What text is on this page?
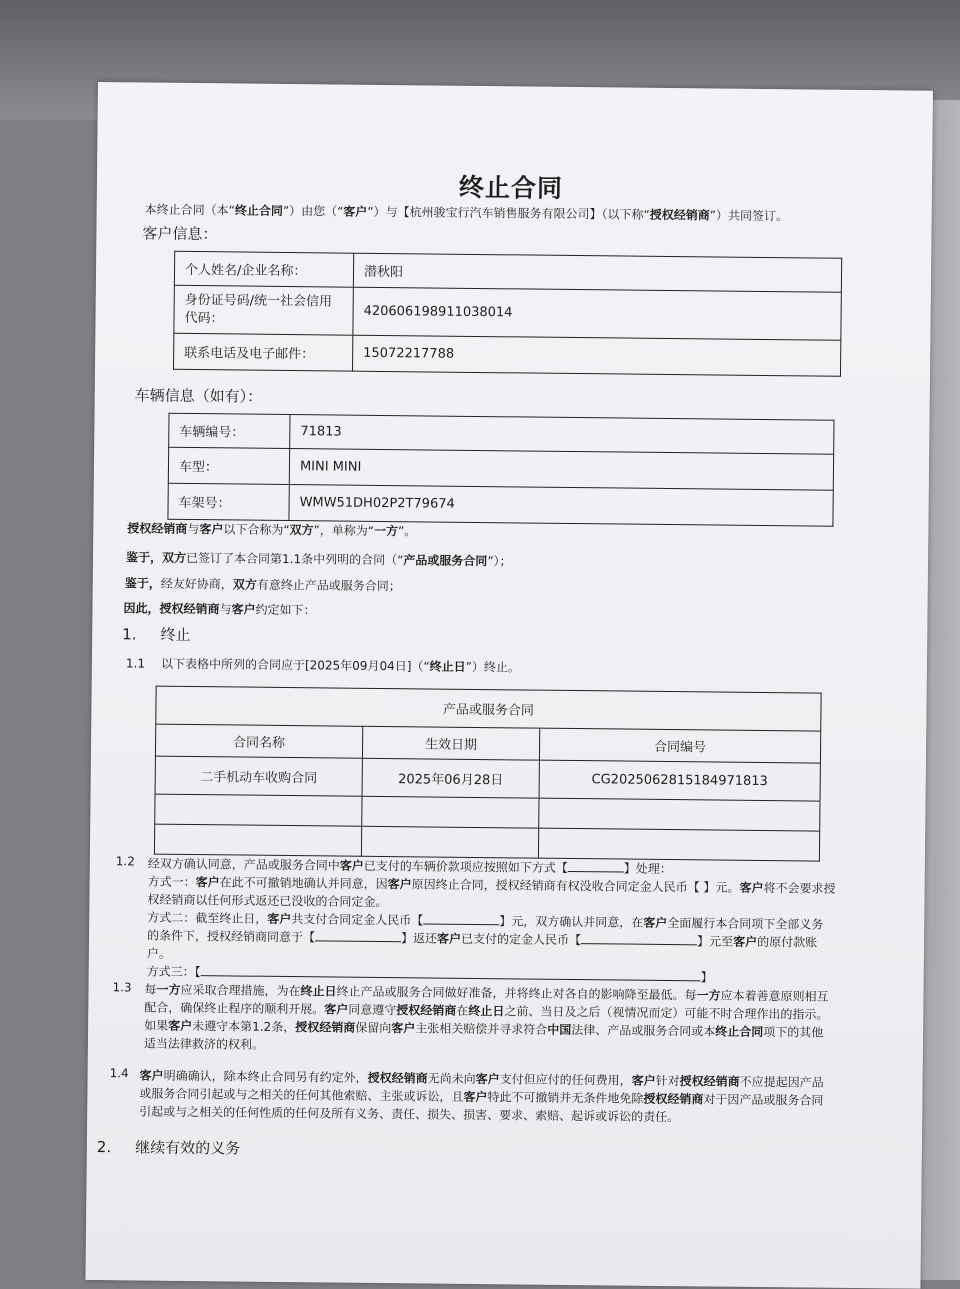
终止合同
本终止合同（本“终止合同”）由您（“客户”）与【杭州骏宝行汽车销售服务有限公司】（以下称“授权经销商”）共同签订。
客户信息：
个人姓名/企业名称：	潜秋阳
身份证号码/统一社会信用代码：	420606198911038014
联系电话及电子邮件：	15072217788
车辆信息（如有）：
车辆编号：	71813
车型：	MINI MINI
车架号：	WMW51DH02P2T79674
授权经销商与客户以下合称为“双方”，单称为“一方”。
鉴于，双方已签订了本合同第1.1条中列明的合同（“产品或服务合同”）；
鉴于，经友好协商，双方有意终止产品或服务合同；
因此，授权经销商与客户约定如下：
1. 终止
1.1 以下表格中所列的合同应于[2025年09月04日]（“终止日”）终止。
产品或服务合同		
合同名称	生效日期	合同编号
二手机动车收购合同	2025年06月28日	CG2025062815184971813

1.2 经双方确认同意，产品或服务合同中客户已支付的车辆价款项应按照如下方式【	】处理：
方式一：客户在此不可撤销地确认并同意，因客户原因终止合同，授权经销商有权没收合同定金人民币【 】元。客户将不会要求授
权经销商以任何形式返还已没收的合同定金。
方式二：截至终止日，客户共支付合同定金人民币【	】元，双方确认并同意，在客户全面履行本合同项下全部义务
的条件下，授权经销商同意于【	】返还客户已支付的定金人民币【	】元至客户的原付款账
户。
方式三：【	】
1.3 每一方应采取合理措施，为在终止日终止产品或服务合同做好准备，并将终止对各自的影响降至最低。每一方应本着善意原则相互
配合，确保终止程序的顺利开展。客户同意遵守授权经销商在终止日之前、当日及之后（视情况而定）可能不时合理作出的指示。
如果客户未遵守本第1.2条，授权经销商保留向客户主张相关赔偿并寻求符合中国法律、产品或服务合同或本终止合同项下的其他
适当法律救济的权利。
1.4 客户明确确认，除本终止合同另有约定外，授权经销商无尚未向客户支付但应付的任何费用，客户针对授权经销商不应提起因产品
或服务合同引起或与之相关的任何其他索赔、主张或诉讼，且客户特此不可撤销并无条件地免除授权经销商对于因产品或服务合同
引起或与之相关的任何性质的任何及所有义务、责任、损失、损害、要求、索赔、起诉或诉讼的责任。
2. 继续有效的义务
